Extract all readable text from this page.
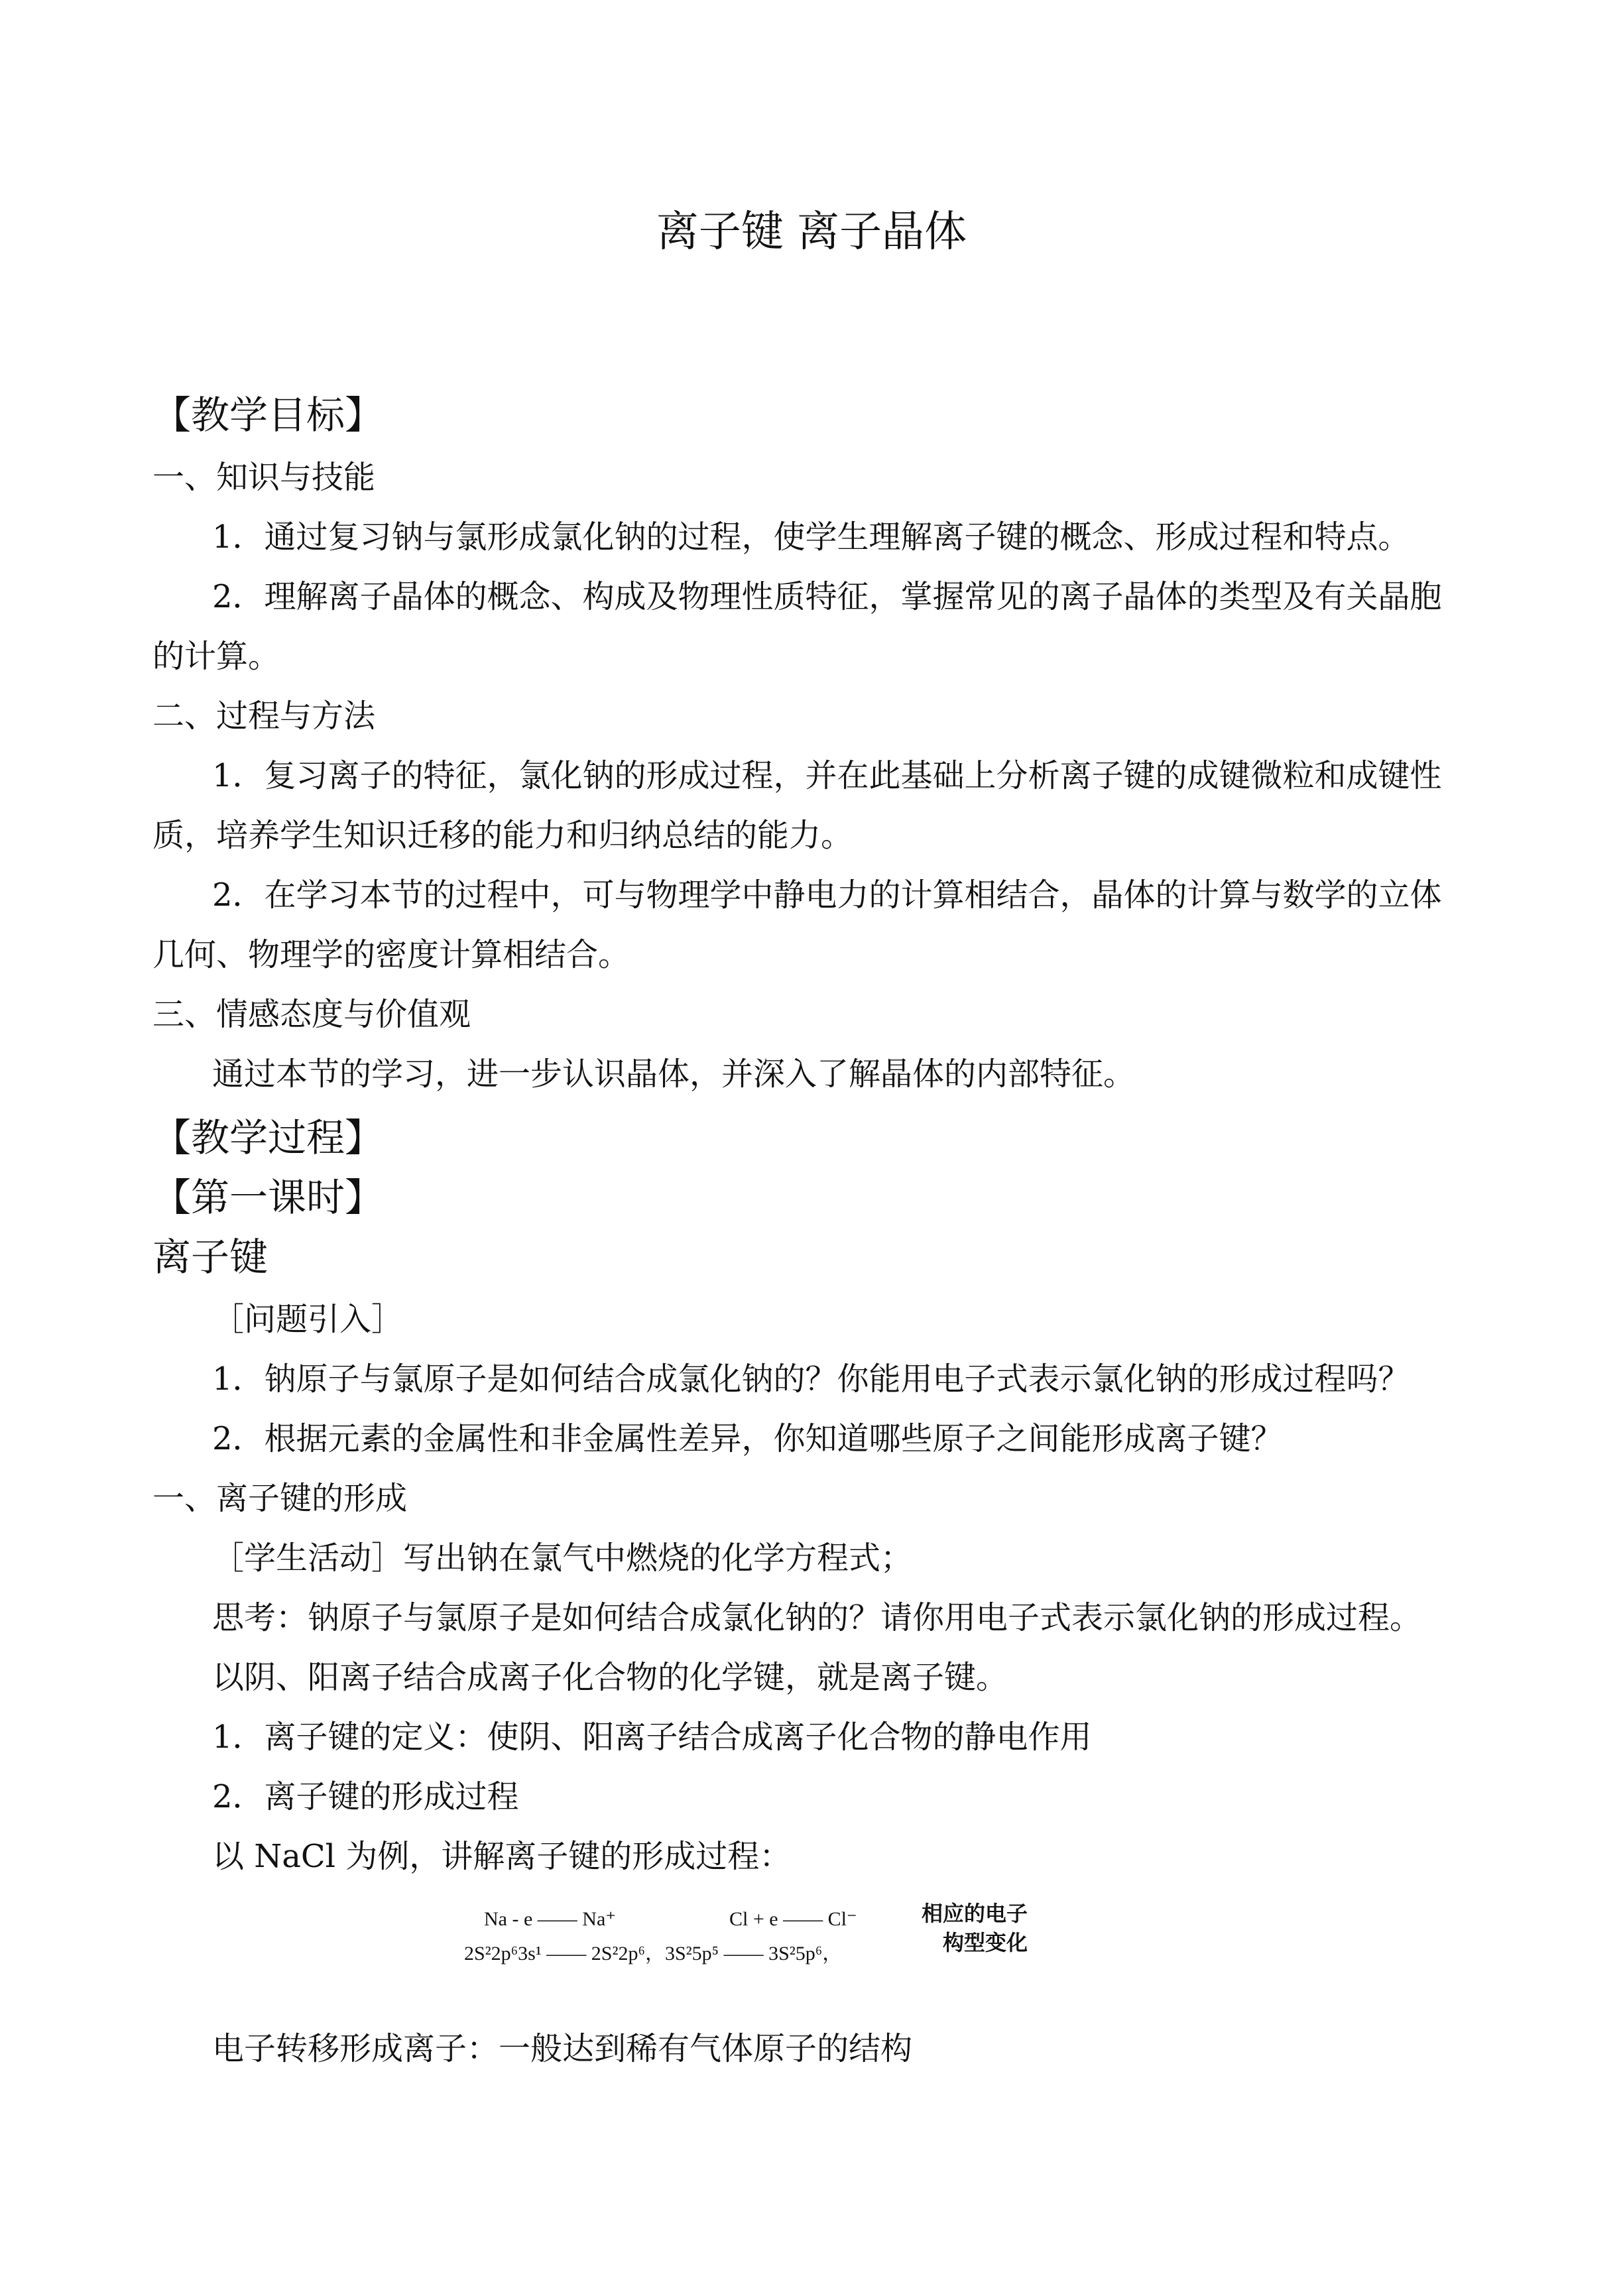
离子键 离子晶体
【教学目标】
一、知识与技能
1．通过复习钠与氯形成氯化钠的过程，使学生理解离子键的概念、形成过程和特点。
2．理解离子晶体的概念、构成及物理性质特征，掌握常见的离子晶体的类型及有关晶胞
的计算。
二、过程与方法
1．复习离子的特征，氯化钠的形成过程，并在此基础上分析离子键的成键微粒和成键性
质，培养学生知识迁移的能力和归纳总结的能力。
2．在学习本节的过程中，可与物理学中静电力的计算相结合，晶体的计算与数学的立体
几何、物理学的密度计算相结合。
三、情感态度与价值观
通过本节的学习，进一步认识晶体，并深入了解晶体的内部特征。
【教学过程】
【第一课时】
离子键
［问题引入］
1．钠原子与氯原子是如何结合成氯化钠的？你能用电子式表示氯化钠的形成过程吗？
2．根据元素的金属性和非金属性差异，你知道哪些原子之间能形成离子键？
一、离子键的形成
［学生活动］写出钠在氯气中燃烧的化学方程式；
思考：钠原子与氯原子是如何结合成氯化钠的？请你用电子式表示氯化钠的形成过程。
以阴、阳离子结合成离子化合物的化学键，就是离子键。
1．离子键的定义：使阴、阳离子结合成离子化合物的静电作用
2．离子键的形成过程
以 NaCl 为例，讲解离子键的形成过程：
Na - e —— Na⁺	Cl + e —— Cl⁻
2S²2p⁶3s¹ —— 2S²2p⁶，3S²5p⁵ —— 3S²5p⁶，
相应的电子
构型变化
电子转移形成离子：一般达到稀有气体原子的结构
